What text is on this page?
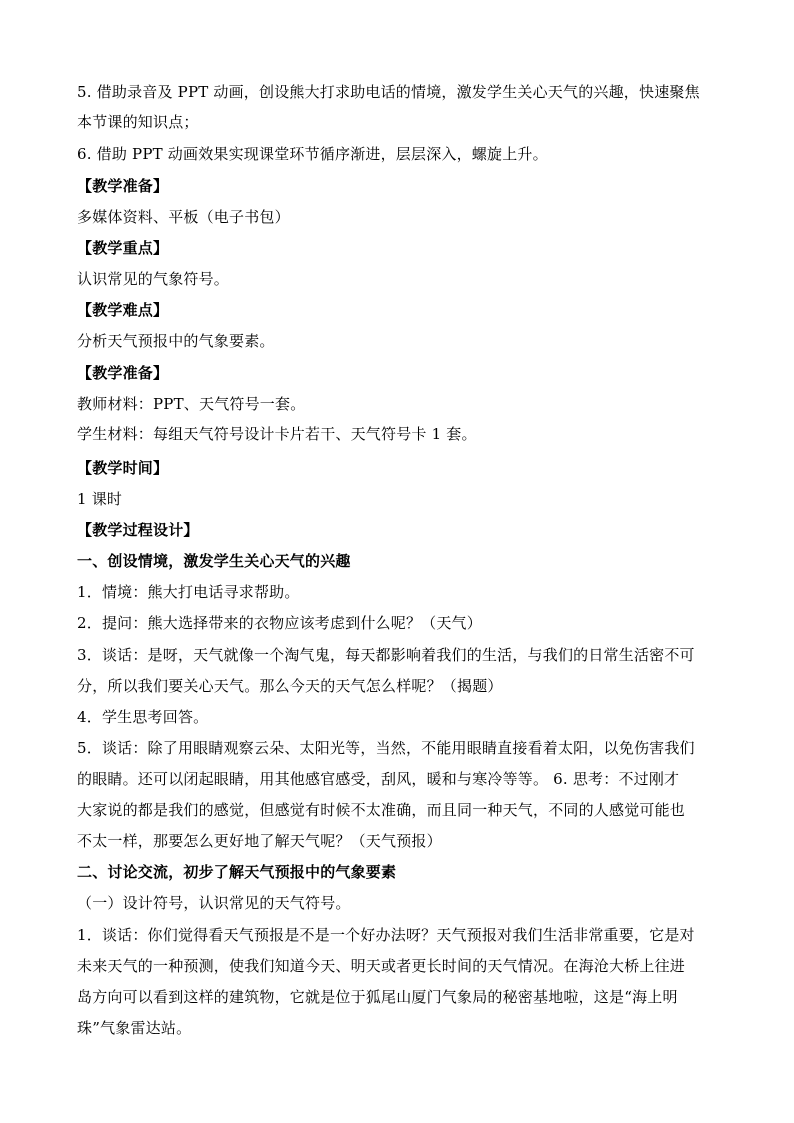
5. 借助录音及 PPT 动画，创设熊大打求助电话的情境，激发学生关心天气的兴趣，快速聚焦
本节课的知识点；
6. 借助 PPT 动画效果实现课堂环节循序渐进，层层深入，螺旋上升。
【教学准备】
多媒体资料、平板（电子书包）
【教学重点】
认识常见的气象符号。
【教学难点】
分析天气预报中的气象要素。
【教学准备】
教师材料：PPT、天气符号一套。
学生材料：每组天气符号设计卡片若干、天气符号卡 1 套。
【教学时间】
1 课时
【教学过程设计】
一、创设情境，激发学生关心天气的兴趣
1．情境：熊大打电话寻求帮助。
2．提问：熊大选择带来的衣物应该考虑到什么呢？（天气）
3．谈话：是呀，天气就像一个淘气鬼，每天都影响着我们的生活，与我们的日常生活密不可
分，所以我们要关心天气。那么今天的天气怎么样呢？（揭题）
4．学生思考回答。
5．谈话：除了用眼睛观察云朵、太阳光等，当然，不能用眼睛直接看着太阳，以免伤害我们
的眼睛。还可以闭起眼睛，用其他感官感受，刮风，暖和与寒冷等等。 6. 思考：不过刚才
大家说的都是我们的感觉，但感觉有时候不太准确，而且同一种天气，不同的人感觉可能也
不太一样，那要怎么更好地了解天气呢？（天气预报）
二、讨论交流，初步了解天气预报中的气象要素
（一）设计符号，认识常见的天气符号。
1．谈话：你们觉得看天气预报是不是一个好办法呀？天气预报对我们生活非常重要，它是对
未来天气的一种预测，使我们知道今天、明天或者更长时间的天气情况。在海沧大桥上往进
岛方向可以看到这样的建筑物，它就是位于狐尾山厦门气象局的秘密基地啦，这是“海上明
珠”气象雷达站。
